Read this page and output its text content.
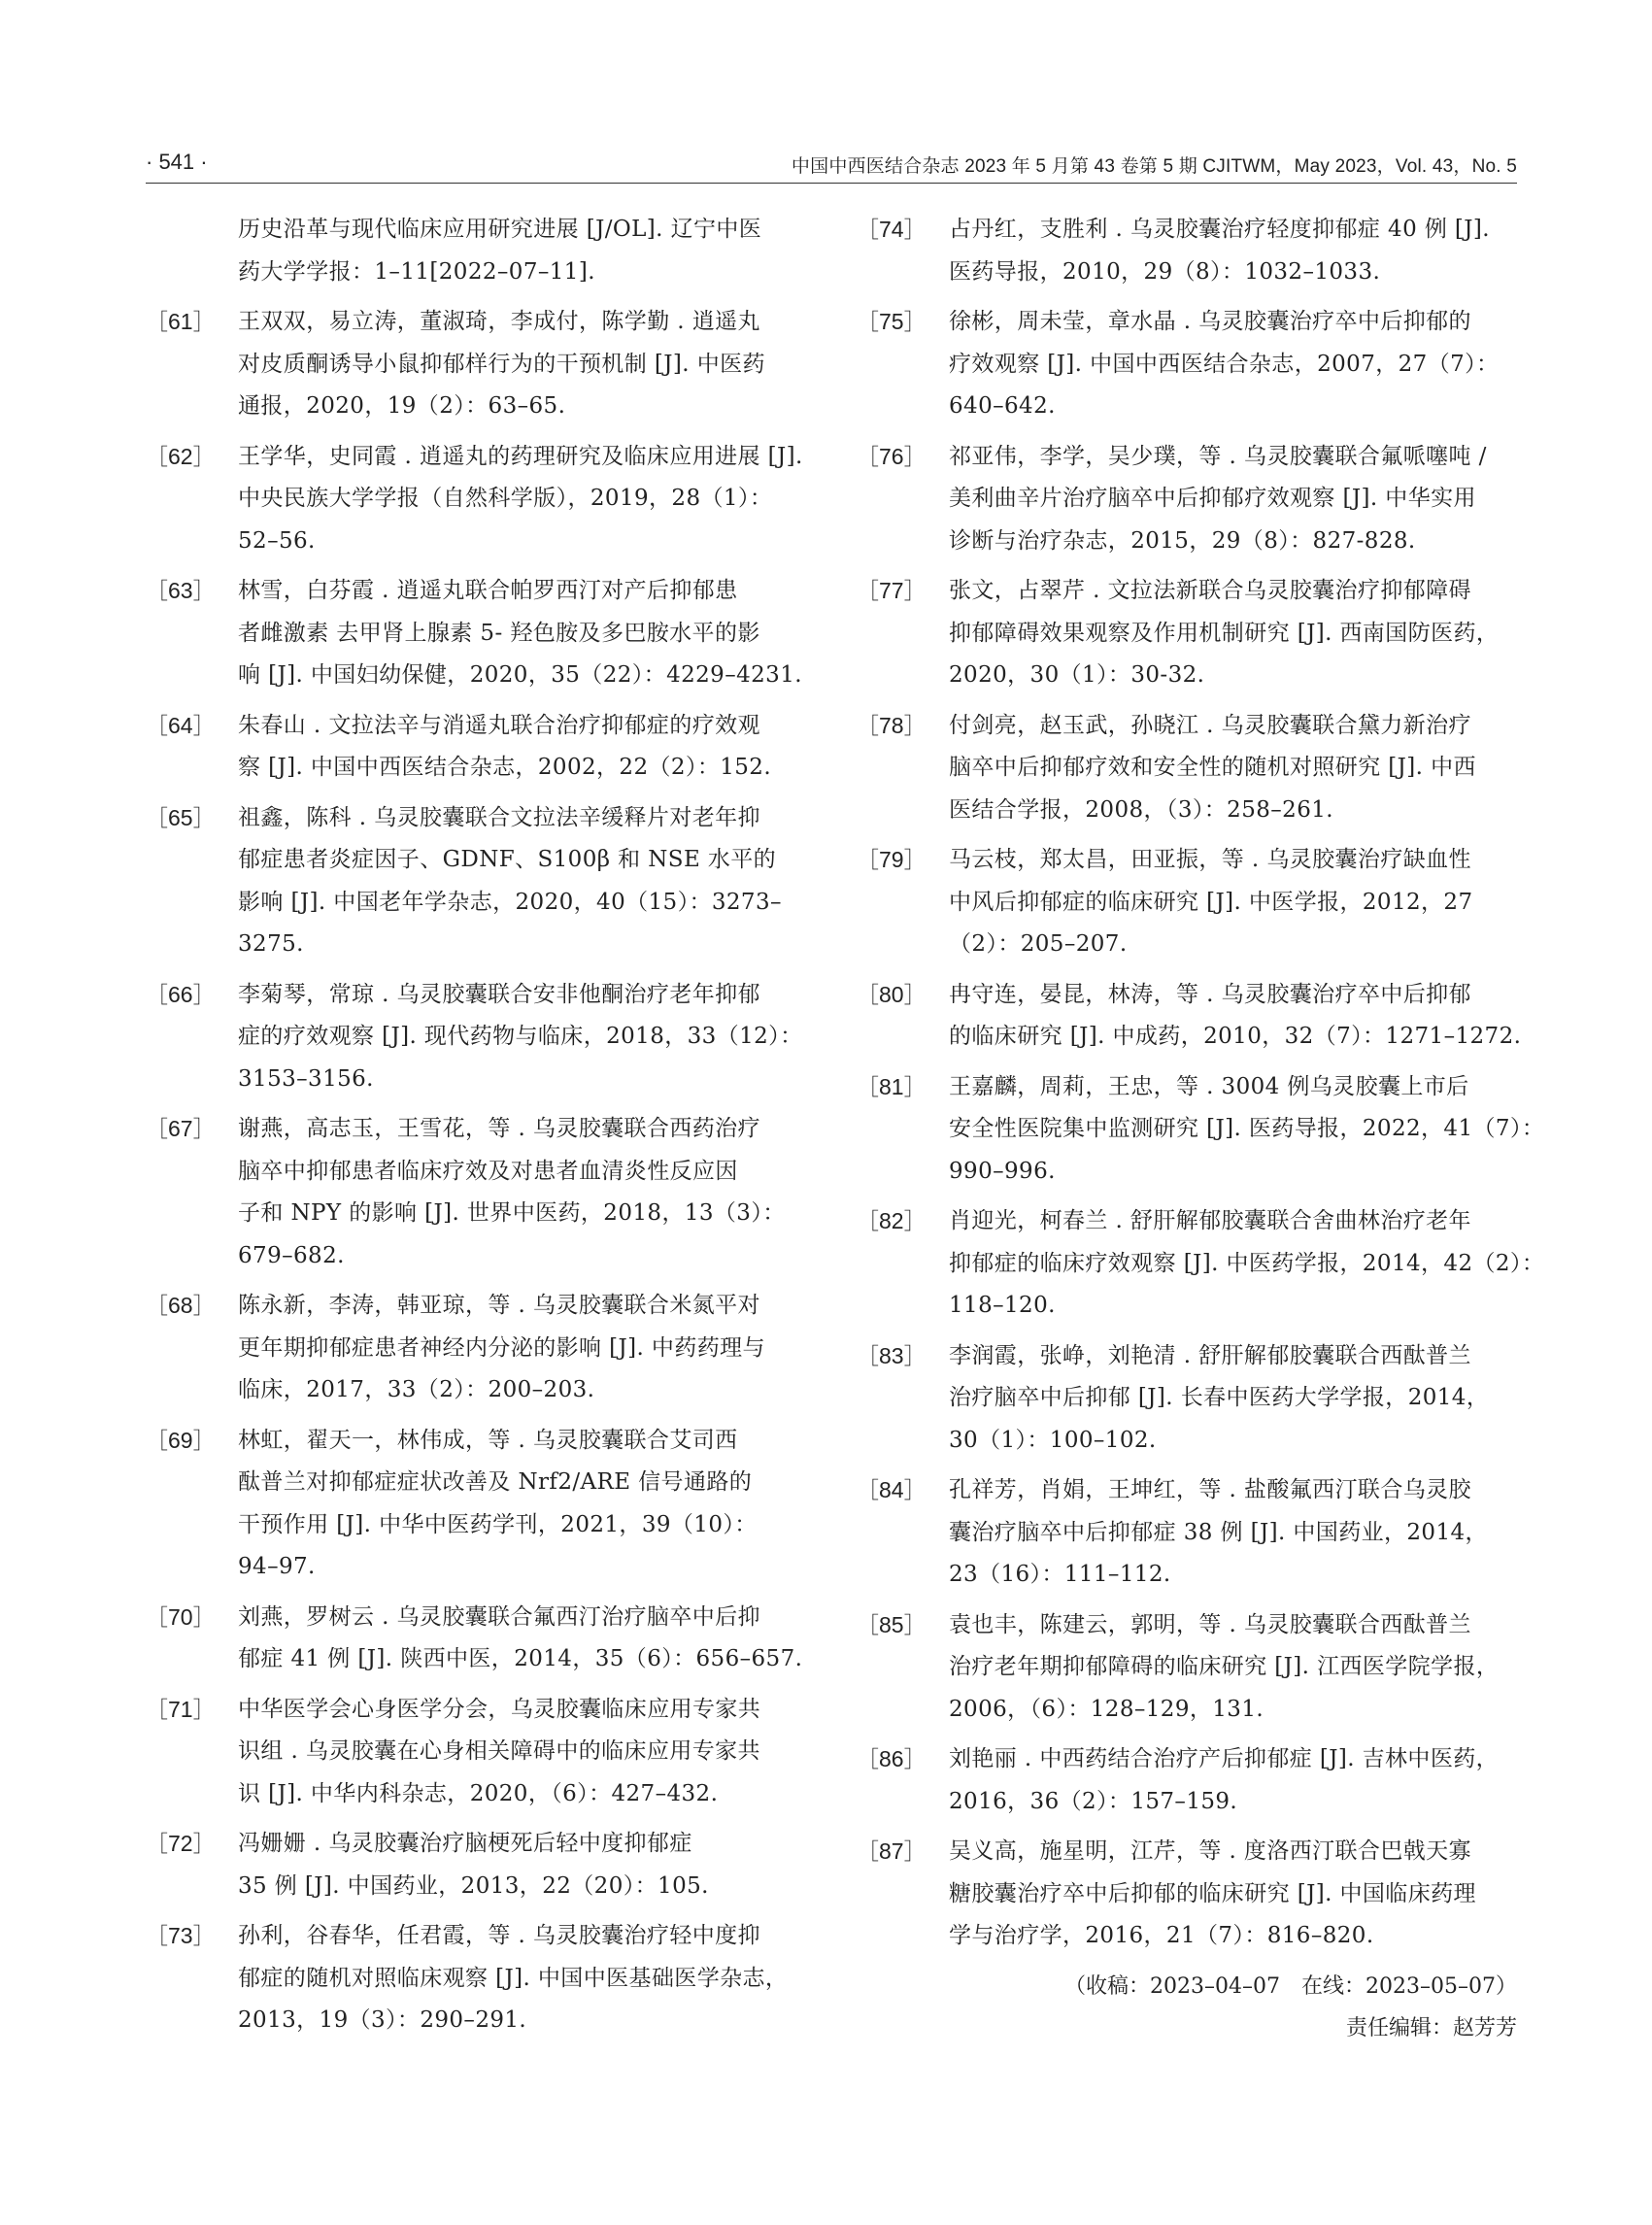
· 541 ·	中国中西医结合杂志 2023 年 5 月第 43 卷第 5 期 CJITWM，May 2023，Vol. 43，No. 5
历史沿革与现代临床应用研究进展 [J/OL]. 辽宁中医
药大学学报：1–11[2022–07–11].
［61］ 王双双，易立涛，董淑琦，李成付，陈学勤 . 逍遥丸
对皮质酮诱导小鼠抑郁样行为的干预机制 [J]. 中医药
通报，2020，19（2）：63–65.
［62］ 王学华，史同霞 . 逍遥丸的药理研究及临床应用进展 [J].
中央民族大学学报（自然科学版），2019，28（1）：
52–56.
［63］ 林雪，白芬霞 . 逍遥丸联合帕罗西汀对产后抑郁患
者雌激素 去甲肾上腺素 5- 羟色胺及多巴胺水平的影
响 [J]. 中国妇幼保健，2020，35（22）：4229–4231.
［64］ 朱春山 . 文拉法辛与消遥丸联合治疗抑郁症的疗效观
察 [J]. 中国中西医结合杂志，2002，22（2）：152.
［65］ 祖鑫，陈科 . 乌灵胶囊联合文拉法辛缓释片对老年抑
郁症患者炎症因子、GDNF、S100β 和 NSE 水平的
影响 [J]. 中国老年学杂志，2020，40（15）：3273–
3275.
［66］ 李菊琴，常琼 . 乌灵胶囊联合安非他酮治疗老年抑郁
症的疗效观察 [J]. 现代药物与临床，2018，33（12）：
3153–3156.
［67］ 谢燕，高志玉，王雪花，等 . 乌灵胶囊联合西药治疗
脑卒中抑郁患者临床疗效及对患者血清炎性反应因
子和 NPY 的影响 [J]. 世界中医药，2018，13（3）：
679–682.
［68］ 陈永新，李涛，韩亚琼，等 . 乌灵胶囊联合米氮平对
更年期抑郁症患者神经内分泌的影响 [J]. 中药药理与
临床，2017，33（2）：200–203.
［69］ 林虹，翟天一，林伟成，等 . 乌灵胶囊联合艾司西
酞普兰对抑郁症症状改善及 Nrf2/ARE 信号通路的
干预作用 [J]. 中华中医药学刊，2021，39（10）：
94–97.
［70］ 刘燕，罗树云 . 乌灵胶囊联合氟西汀治疗脑卒中后抑
郁症 41 例 [J]. 陕西中医，2014，35（6）：656–657.
［71］ 中华医学会心身医学分会，乌灵胶囊临床应用专家共
识组 . 乌灵胶囊在心身相关障碍中的临床应用专家共
识 [J]. 中华内科杂志，2020，（6）：427–432.
［72］ 冯姗姗 . 乌灵胶囊治疗脑梗死后轻中度抑郁症
35 例 [J]. 中国药业，2013，22（20）：105.
［73］ 孙利，谷春华，任君霞，等 . 乌灵胶囊治疗轻中度抑
郁症的随机对照临床观察 [J]. 中国中医基础医学杂志，
2013，19（3）：290–291.
［74］ 占丹红，支胜利 . 乌灵胶囊治疗轻度抑郁症 40 例 [J].
医药导报，2010，29（8）：1032–1033.
［75］ 徐彬，周未莹，章水晶 . 乌灵胶囊治疗卒中后抑郁的
疗效观察 [J]. 中国中西医结合杂志，2007，27（7）：
640–642.
［76］ 祁亚伟，李学，吴少璞，等 . 乌灵胶囊联合氟哌噻吨 /
美利曲辛片治疗脑卒中后抑郁疗效观察 [J]. 中华实用
诊断与治疗杂志，2015，29（8）：827-828.
［77］ 张文，占翠芹 . 文拉法新联合乌灵胶囊治疗抑郁障碍
抑郁障碍效果观察及作用机制研究 [J]. 西南国防医药，
2020，30（1）：30-32.
［78］ 付剑亮，赵玉武，孙晓江 . 乌灵胶囊联合黛力新治疗
脑卒中后抑郁疗效和安全性的随机对照研究 [J]. 中西
医结合学报，2008，（3）：258–261.
［79］ 马云枝，郑太昌，田亚振，等 . 乌灵胶囊治疗缺血性
中风后抑郁症的临床研究 [J]. 中医学报，2012，27
（2）：205–207.
［80］ 冉守连，晏昆，林涛，等 . 乌灵胶囊治疗卒中后抑郁
的临床研究 [J]. 中成药，2010，32（7）：1271–1272.
［81］ 王嘉麟，周莉，王忠，等 . 3004 例乌灵胶囊上市后
安全性医院集中监测研究 [J]. 医药导报，2022，41（7）：
990–996.
［82］ 肖迎光，柯春兰 . 舒肝解郁胶囊联合舍曲林治疗老年
抑郁症的临床疗效观察 [J]. 中医药学报，2014，42（2）：
118–120.
［83］ 李润霞，张峥，刘艳清 . 舒肝解郁胶囊联合西酞普兰
治疗脑卒中后抑郁 [J]. 长春中医药大学学报，2014，
30（1）：100–102.
［84］ 孔祥芳，肖娟，王坤红，等 . 盐酸氟西汀联合乌灵胶
囊治疗脑卒中后抑郁症 38 例 [J]. 中国药业，2014，
23（16）：111–112.
［85］ 袁也丰，陈建云，郭明，等 . 乌灵胶囊联合西酞普兰
治疗老年期抑郁障碍的临床研究 [J]. 江西医学院学报，
2006，（6）：128–129，131.
［86］ 刘艳丽 . 中西药结合治疗产后抑郁症 [J]. 吉林中医药，
2016，36（2）：157–159.
［87］ 吴义高，施星明，江芹，等 . 度洛西汀联合巴戟天寡
糖胶囊治疗卒中后抑郁的临床研究 [J]. 中国临床药理
学与治疗学，2016，21（7）：816–820.
（收稿：2023–04–07　在线：2023–05–07）
责任编辑：赵芳芳
